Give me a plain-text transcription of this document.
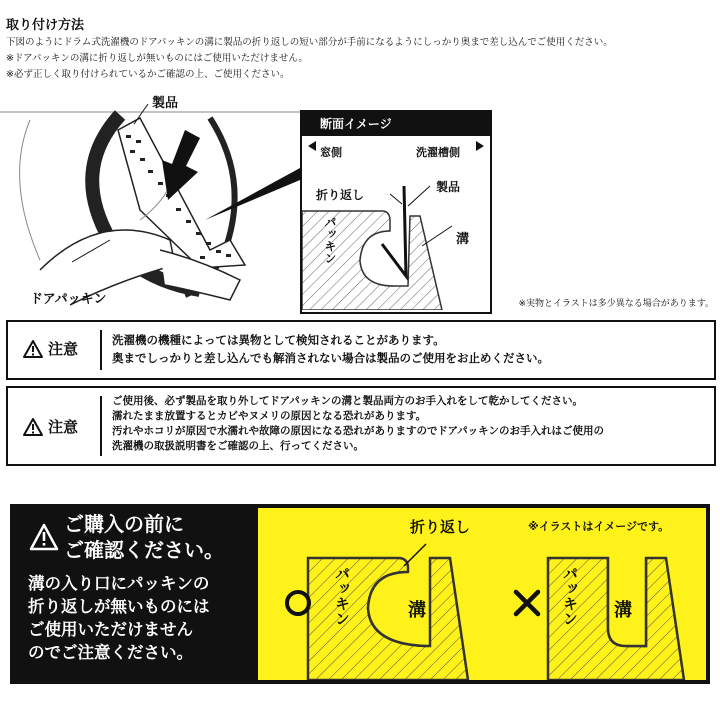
取り付け方法
下図のようにドラム式洗濯機のドアパッキンの溝に製品の折り返しの短い部分が手前になるようにしっかり奥まで差し込んでご使用ください。
※ドアパッキンの溝に折り返しが無いものにはご使用いただけません。
※必ず正しく取り付けられているかご確認の上、ご使用ください。
製品
ドアパッキン
断面イメージ
窓側	洗濯槽側
折り返し
製品
溝
パッキン
※実物とイラストは多少異なる場合があります。
注意	洗濯機の機種によっては異物として検知されることがあります。
奥までしっかりと差し込んでも解消されない場合は製品のご使用をお止めください。
注意
ご使用後、必ず製品を取り外してドアパッキンの溝と製品両方のお手入れをして乾かしてください。
濡れたまま放置するとカビやヌメリの原因となる恐れがあります。
汚れやホコリが原因で水濡れや故障の原因になる恐れがありますのでドアパッキンのお手入れはご使用の
洗濯機の取扱説明書をご確認の上、行ってください。
ご購入の前に
ご確認ください。
溝の入り口にパッキンの
折り返しが無いものには
ご使用いただけません
のでご注意ください。
折り返し	※イラストはイメージです。
パッキン	溝	パッキン 溝
